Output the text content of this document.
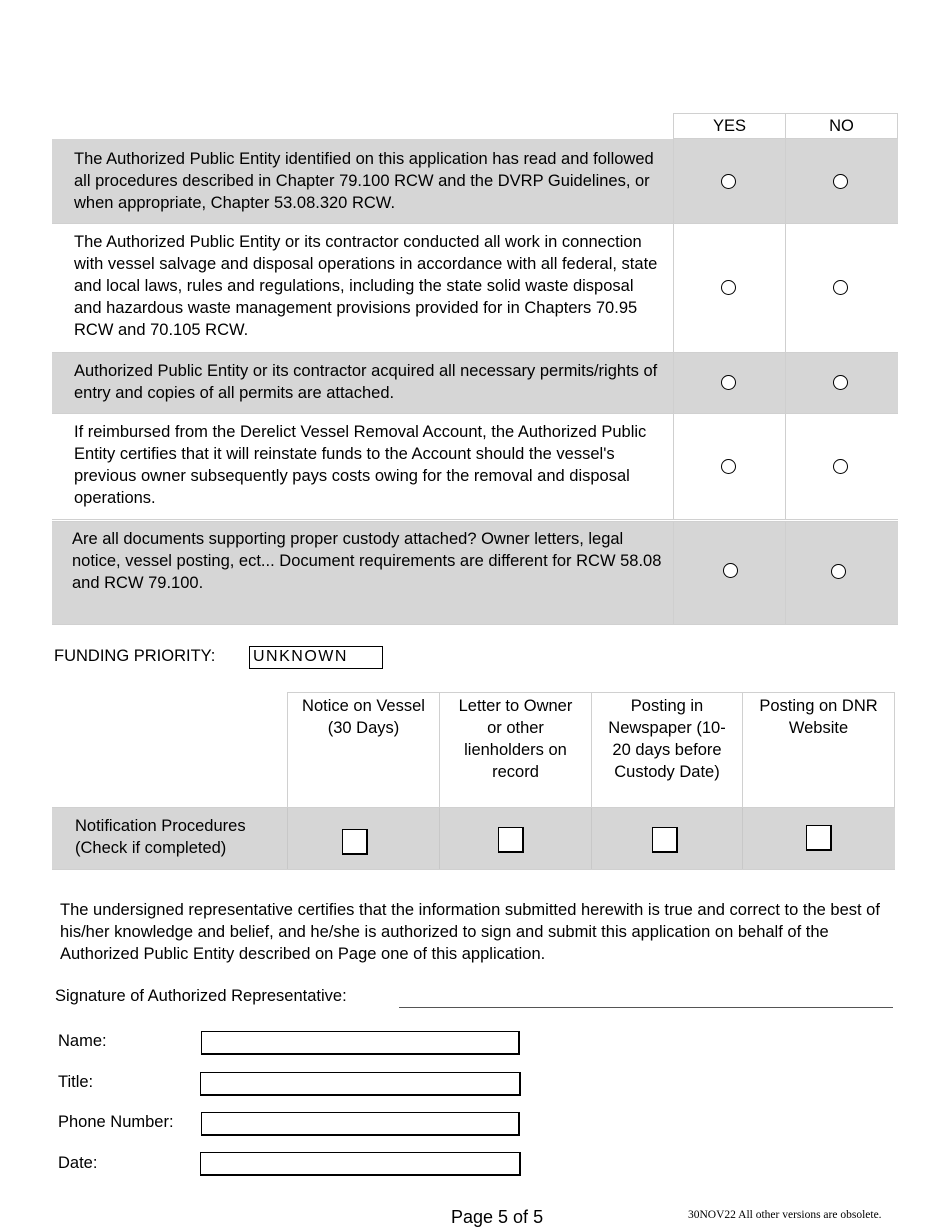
YES	NO
The Authorized Public Entity identified on this application has read and followed all procedures described in Chapter 79.100 RCW and the DVRP Guidelines, or when appropriate, Chapter 53.08.320 RCW.
The Authorized Public Entity or its contractor conducted all work in connection with vessel salvage and disposal operations in accordance with all federal, state and local laws, rules and regulations, including the state solid waste disposal and hazardous waste management provisions provided for in Chapters 70.95 RCW and 70.105 RCW.
Authorized Public Entity or its contractor acquired all necessary permits/rights of entry and copies of all permits are attached.
If reimbursed from the Derelict Vessel Removal Account, the Authorized Public Entity certifies that it will reinstate funds to the Account should the vessel's previous owner subsequently pays costs owing for the removal and disposal operations.
Are all documents supporting proper custody attached? Owner letters, legal notice, vessel posting, ect... Document requirements are different for RCW 58.08 and RCW 79.100.
FUNDING PRIORITY: UNKNOWN
Notice on Vessel (30 Days)
Letter to Owner or other lienholders on record
Posting in Newspaper (10-20 days before Custody Date)
Posting on DNR Website
Notification Procedures (Check if completed)
The undersigned representative certifies that the information submitted herewith is true and correct to the best of his/her knowledge and belief, and he/she is authorized to sign and submit this application on behalf of the Authorized Public Entity described on Page one of this application.
Signature of Authorized Representative:
Name:
Title:
Phone Number:
Date:
Page 5 of 5	30NOV22 All other versions are obsolete.
